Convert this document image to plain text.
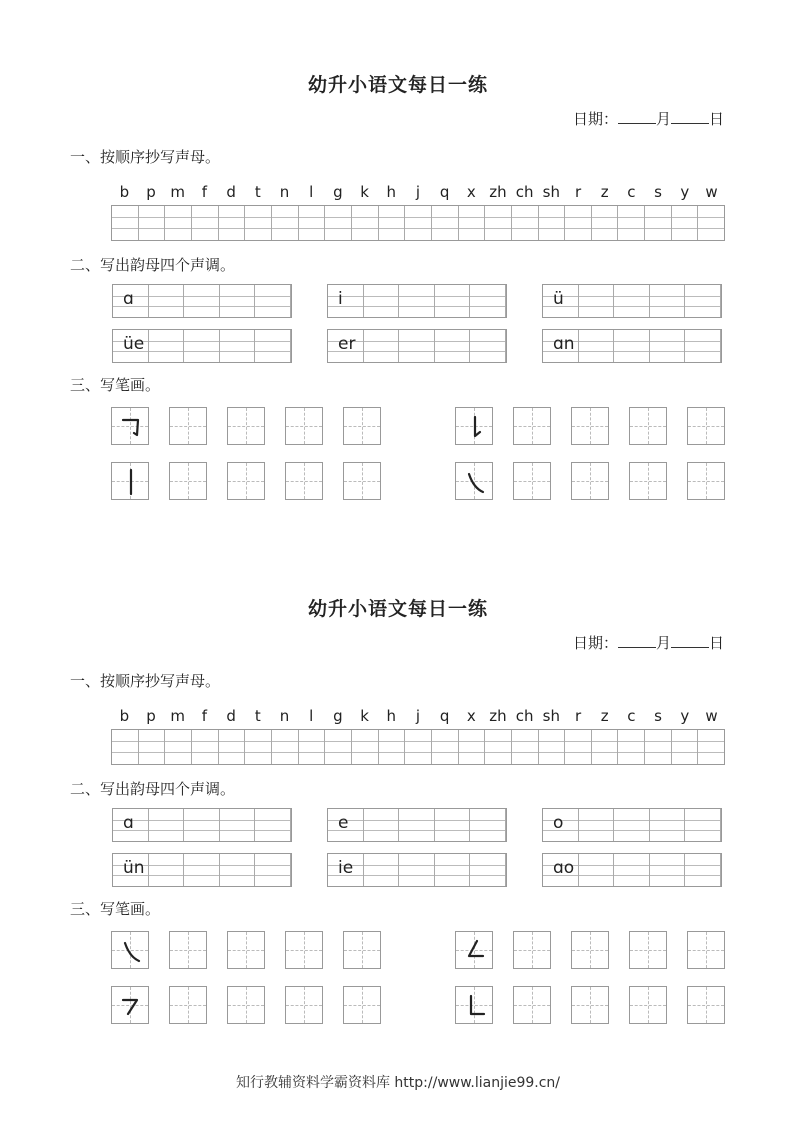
幼升小语文每日一练
日期：	月	日
一、按顺序抄写声母。
b	p m	f	d	t	n	l	g	k	h	j	q	x zh ch sh r	z	c	s	y	w
二、写出韵母四个声调。
ɑ	i	ü
üe	er	ɑn
三、写笔画。
幼升小语文每日一练
日期：	月	日
一、按顺序抄写声母。
b	p m	f	d	t	n	l	g	k	h	j	q	x zh ch sh r	z	c	s	y	w
二、写出韵母四个声调。
ɑ	e	o
ün	ie	ɑo
三、写笔画。
知行教辅资料学霸资料库 http://www.lianjie99.cn/
